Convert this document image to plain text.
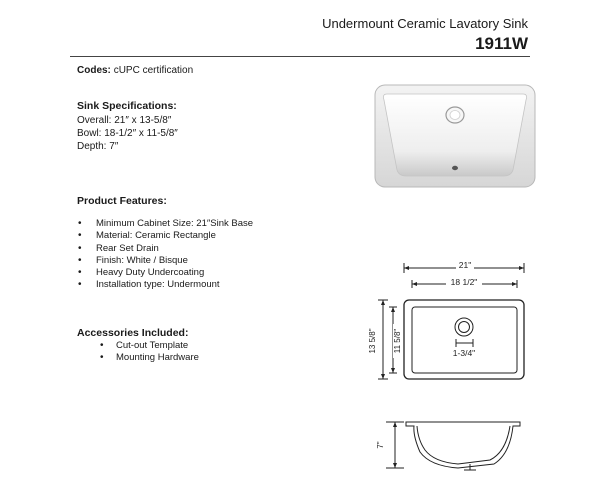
Undermount Ceramic Lavatory Sink
1911W
Codes: cUPC certification
Sink Specifications:
Overall: 21″ x 13-5/8″
Bowl: 18-1/2″ x 11-5/8″
Depth: 7″
Product Features:
• Minimum Cabinet Size: 21″Sink Base
• Material: Ceramic Rectangle
• Rear Set Drain
• Finish: White / Bisque
• Heavy Duty Undercoating
• Installation type: Undermount
Accessories Included:
• Cut-out Template
• Mounting Hardware
21"
18 1/2"
13 5/8" 11 5/8"	1-3/4"
7"
